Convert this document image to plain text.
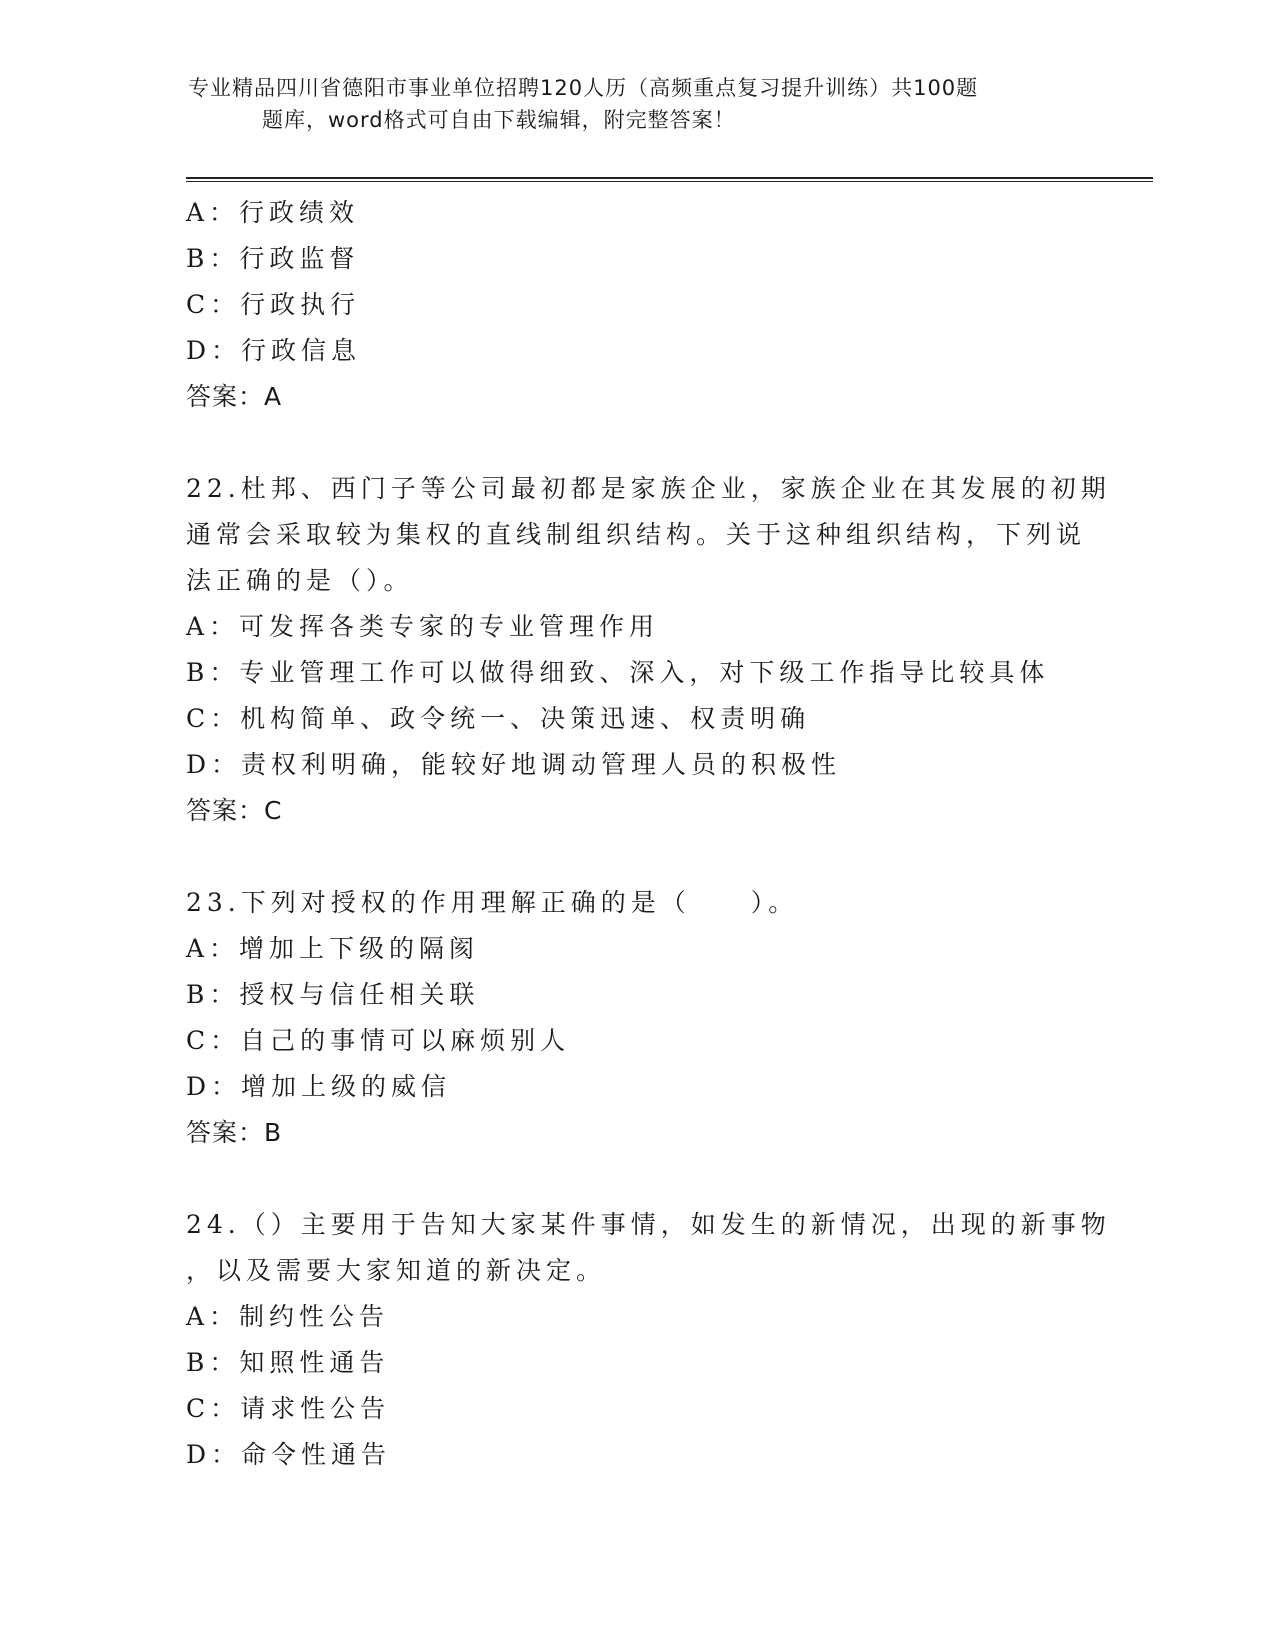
专业精品四川省德阳市事业单位招聘120人历（高频重点复习提升训练）共100题
题库，word格式可自由下载编辑，附完整答案！
A：行政绩效
B：行政监督
C：行政执行
D：行政信息
答案：A
22.杜邦、西门子等公司最初都是家族企业，家族企业在其发展的初期
通常会采取较为集权的直线制组织结构。关于这种组织结构，下列说
法正确的是（）。
A：可发挥各类专家的专业管理作用
B：专业管理工作可以做得细致、深入，对下级工作指导比较具体
C：机构简单、政令统一、决策迅速、权责明确
D：责权利明确，能较好地调动管理人员的积极性
答案：C
23.下列对授权的作用理解正确的是（　　）。
A：增加上下级的隔阂
B：授权与信任相关联
C：自己的事情可以麻烦别人
D：增加上级的威信
答案：B
24.（）主要用于告知大家某件事情，如发生的新情况，出现的新事物
，以及需要大家知道的新决定。
A：制约性公告
B：知照性通告
C：请求性公告
D：命令性通告
